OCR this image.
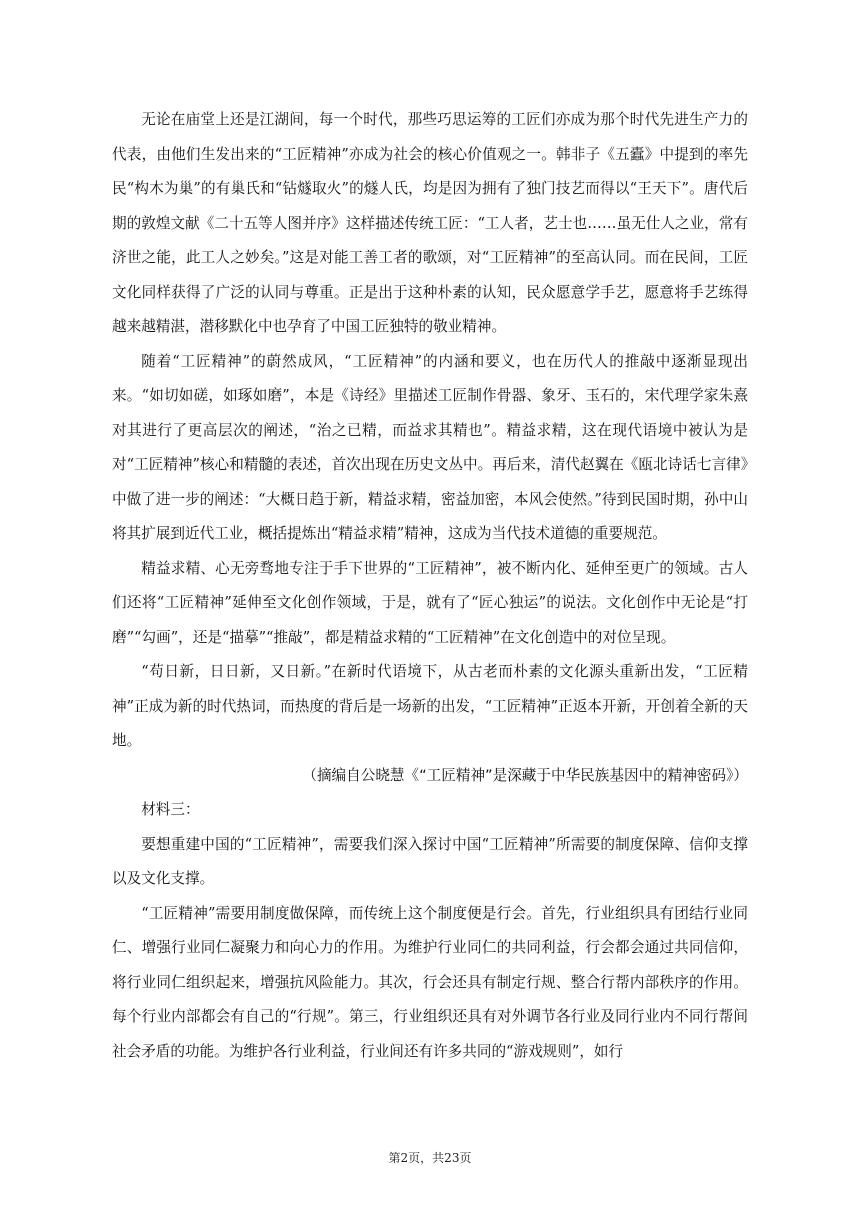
无论在庙堂上还是江湖间，每一个时代，那些巧思运筹的工匠们亦成为那个时代先进生产力的代表，由他们生发出来的“工匠精神”亦成为社会的核心价值观之一。韩非子《五蠹》中提到的率先民“构木为巢”的有巢氏和“钻燧取火”的燧人氏，均是因为拥有了独门技艺而得以“王天下”。唐代后期的敦煌文献《二十五等人图并序》这样描述传统工匠：“工人者，艺士也……虽无仕人之业，常有济世之能，此工人之妙矣。”这是对能工善工者的歌颂，对“工匠精神”的至高认同。而在民间，工匠文化同样获得了广泛的认同与尊重。正是出于这种朴素的认知，民众愿意学手艺，愿意将手艺练得越来越精湛，潜移默化中也孕育了中国工匠独特的敬业精神。

随着“工匠精神”的蔚然成风，“工匠精神”的内涵和要义，也在历代人的推敲中逐渐显现出来。“如切如磋，如琢如磨”，本是《诗经》里描述工匠制作骨器、象牙、玉石的，宋代理学家朱熹对其进行了更高层次的阐述，“治之已精，而益求其精也”。精益求精，这在现代语境中被认为是对“工匠精神”核心和精髓的表述，首次出现在历史文丛中。再后来，清代赵翼在《瓯北诗话七言律》中做了进一步的阐述：“大概日趋于新，精益求精，密益加密，本风会使然。”待到民国时期，孙中山将其扩展到近代工业，概括提炼出“精益求精”精神，这成为当代技术道德的重要规范。

精益求精、心无旁骛地专注于手下世界的“工匠精神”，被不断内化、延伸至更广的领域。古人们还将“工匠精神”延伸至文化创作领域，于是，就有了“匠心独运”的说法。文化创作中无论是“打磨”“勾画”，还是“描摹”“推敲”，都是精益求精的“工匠精神”在文化创造中的对位呈现。

“苟日新，日日新，又日新。”在新时代语境下，从古老而朴素的文化源头重新出发，“工匠精神”正成为新的时代热词，而热度的背后是一场新的出发，“工匠精神”正返本开新，开创着全新的天地。

（摘编自公晓慧《“工匠精神”是深藏于中华民族基因中的精神密码》）

材料三：

要想重建中国的“工匠精神”，需要我们深入探讨中国“工匠精神”所需要的制度保障、信仰支撑以及文化支撑。

“工匠精神”需要用制度做保障，而传统上这个制度便是行会。首先，行业组织具有团结行业同仁、增强行业同仁凝聚力和向心力的作用。为维护行业同仁的共同利益，行会都会通过共同信仰，将行业同仁组织起来，增强抗风险能力。其次，行会还具有制定行规、整合行帮内部秩序的作用。每个行业内部都会有自己的“行规”。第三，行业组织还具有对外调节各行业及同行业内不同行帮间社会矛盾的功能。为维护各行业利益，行业间还有许多共同的“游戏规则”，如行

第2页，共23页
